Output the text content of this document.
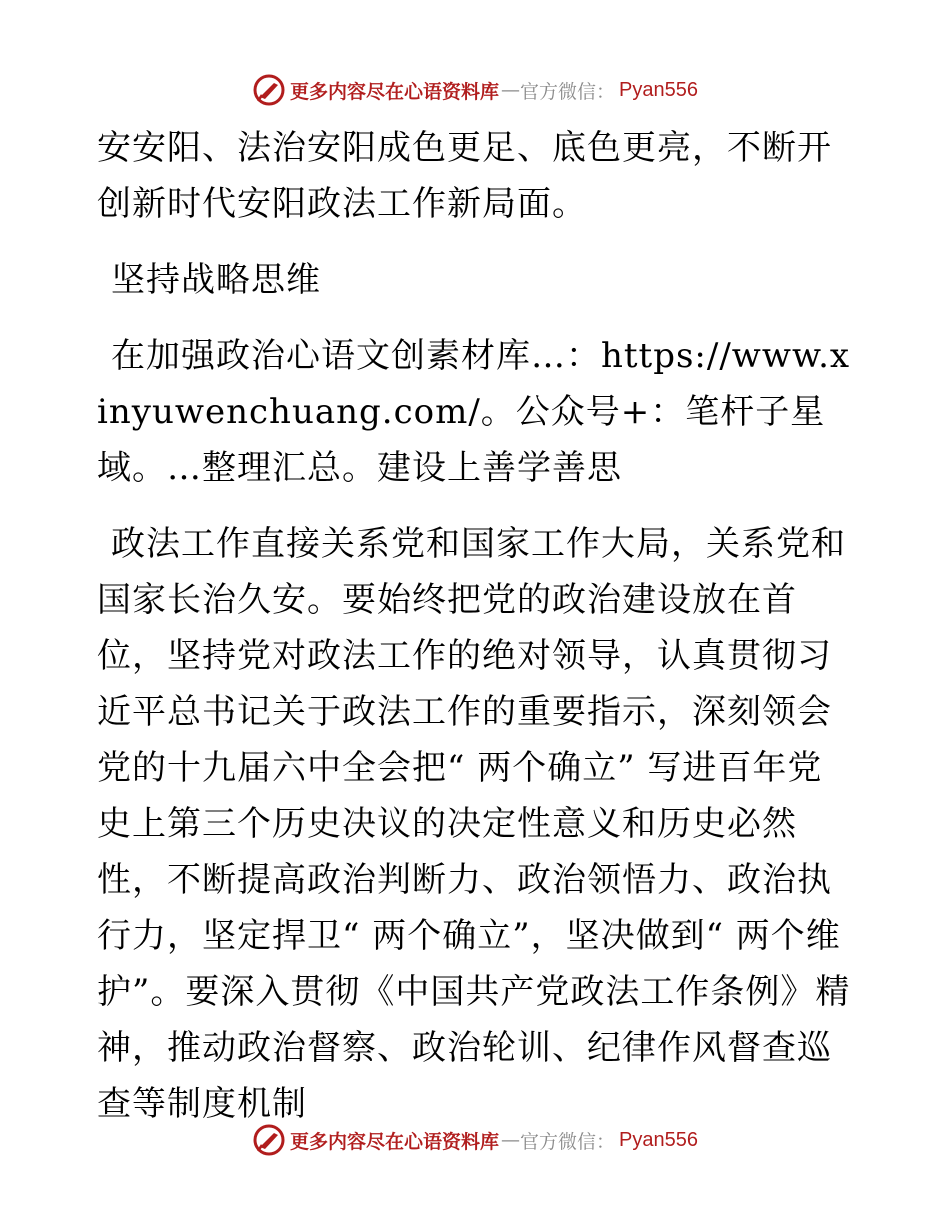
更多内容尽在心语资料库 — 官方微信： Pyan556

安安阳、法治安阳成色更足、底色更亮，不断开创新时代安阳政法工作新局面。

坚持战略思维

在加强政治心语文创素材库…：https://www.xinyuwenchuang.com/。公众号+：笔杆子星域。…整理汇总。建设上善学善思

政法工作直接关系党和国家工作大局，关系党和国家长治久安。要始终把党的政治建设放在首位，坚持党对政法工作的绝对领导，认真贯彻习近平总书记关于政法工作的重要指示，深刻领会党的十九届六中全会把“ 两个确立” 写进百年党史上第三个历史决议的决定性意义和历史必然性，不断提高政治判断力、政治领悟力、政治执行力，坚定捍卫“ 两个确立”，坚决做到“ 两个维护”。要深入贯彻《中国共产党政法工作条例》精神，推动政治督察、政治轮训、纪律作风督查巡查等制度机制

更多内容尽在心语资料库 — 官方微信： Pyan556
